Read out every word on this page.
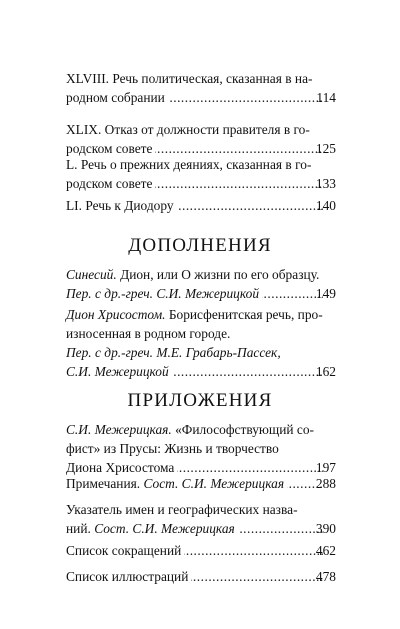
XLVIII. Речь политическая, сказанная в на-
родном собрании .....	114
XLIX. Отказ от должности правителя в го-
родском совете .....	125
L. Речь о прежних деяниях, сказанная в го-
родском совете .....	133
LI. Речь к Диодору .....	140
ДОПОЛНЕНИЯ
Синесий. Дион, или О жизни по его образцу.
Пер. с др.-греч. С.И. Межерицкой .....	149
Дион Хрисостом. Борисфенитская речь, про-
износенная в родном городе.
Пер. с др.-греч. М.Е. Грабарь-Пассек,
С.И. Межерицкой .....	162
ПРИЛОЖЕНИЯ
С.И. Межерицкая. «Философствующий со-
фист» из Прусы: Жизнь и творчество
Диона Хрисостома .....	197
Примечания. Сост. С.И. Межерицкая ..... 288
Указатель имен и географических назва-
ний. Сост. С.И. Межерицкая .....	390
Список сокращений .....	462
Список иллюстраций .....	478
